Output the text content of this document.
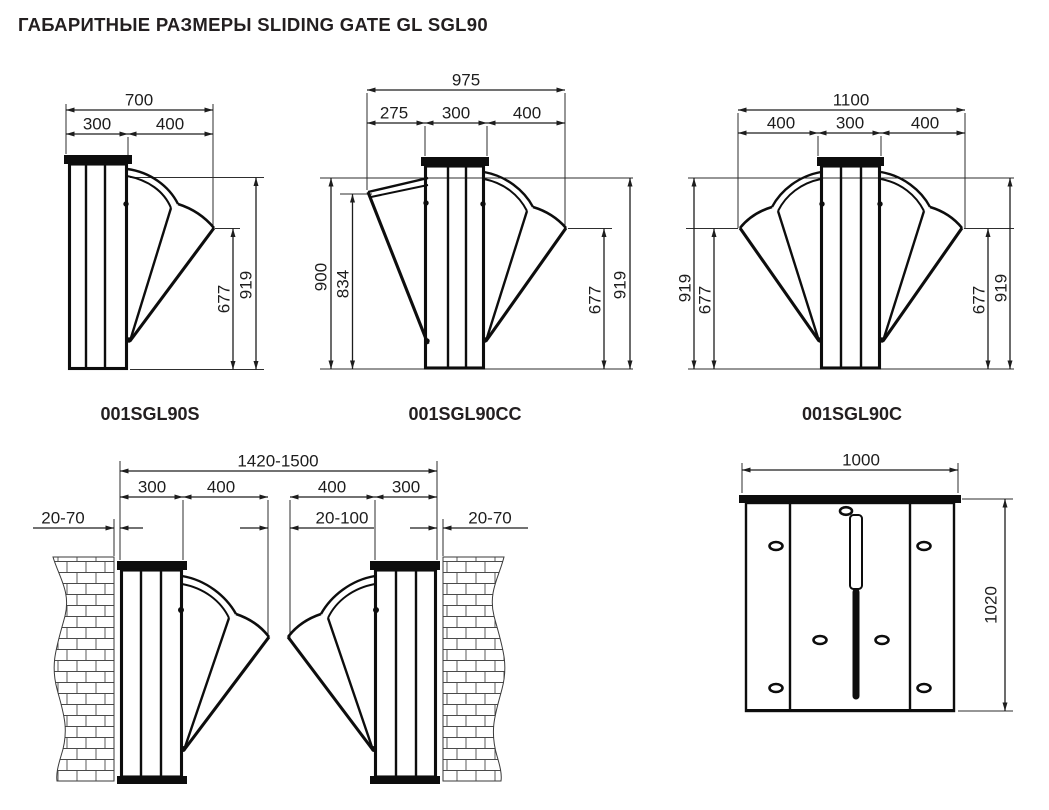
ГАБАРИТНЫЕ РАЗМЕРЫ SLIDING GATE GL SGL90
700
300	400
677 919
975
275 300	400
900 834
677
919
1100
400 300	400
919 677	677 919
001SGL90S	001SGL90CC	001SGL90C
1420-1500
300 400	400	300
20-70	20-100	20-70
1000
1020
